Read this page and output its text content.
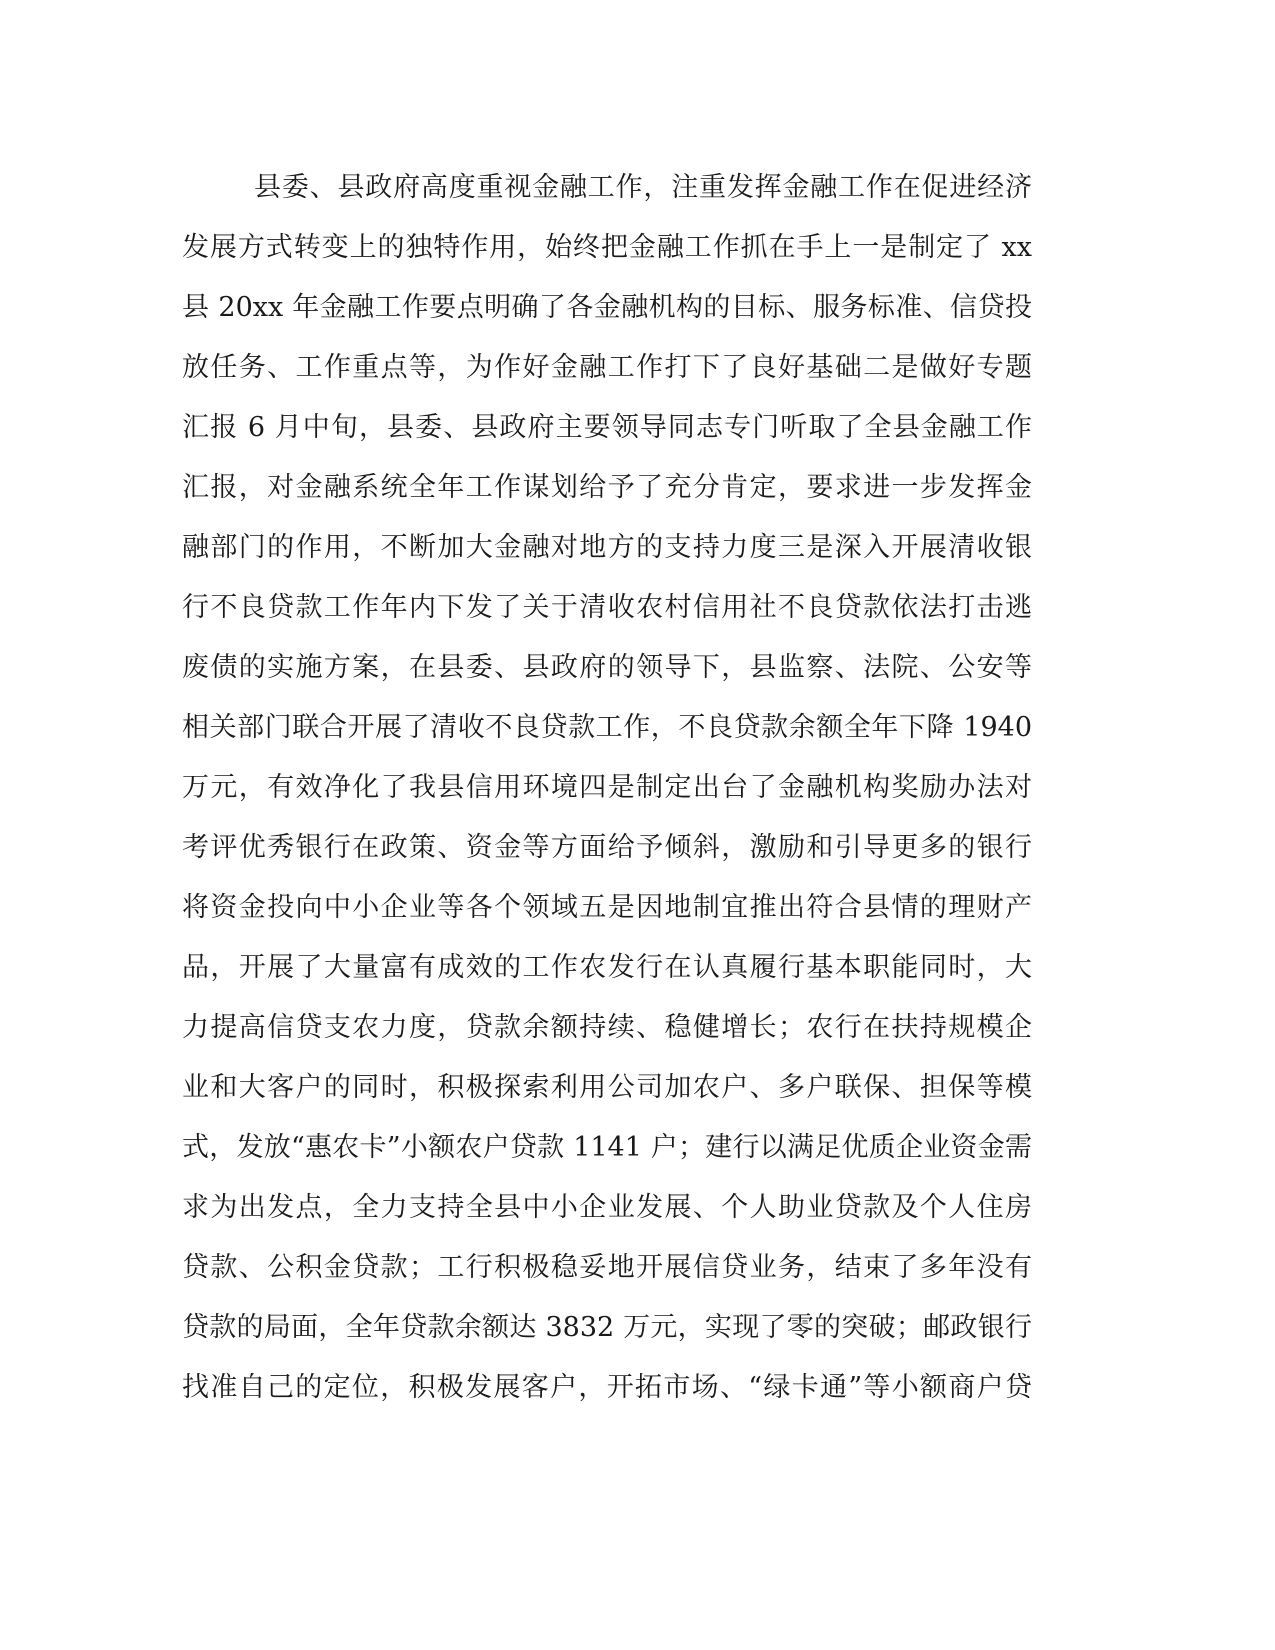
县委、县政府高度重视金融工作，注重发挥金融工作在促进经济
发展方式转变上的独特作用，始终把金融工作抓在手上一是制定了 xx
县 20xx 年金融工作要点明确了各金融机构的目标、服务标准、信贷投
放任务、工作重点等，为作好金融工作打下了良好基础二是做好专题
汇报 6 月中旬，县委、县政府主要领导同志专门听取了全县金融工作
汇报，对金融系统全年工作谋划给予了充分肯定，要求进一步发挥金
融部门的作用，不断加大金融对地方的支持力度三是深入开展清收银
行不良贷款工作年内下发了关于清收农村信用社不良贷款依法打击逃
废债的实施方案，在县委、县政府的领导下，县监察、法院、公安等
相关部门联合开展了清收不良贷款工作，不良贷款余额全年下降 1940
万元，有效净化了我县信用环境四是制定出台了金融机构奖励办法对
考评优秀银行在政策、资金等方面给予倾斜，激励和引导更多的银行
将资金投向中小企业等各个领域五是因地制宜推出符合县情的理财产
品，开展了大量富有成效的工作农发行在认真履行基本职能同时，大
力提高信贷支农力度，贷款余额持续、稳健增长；农行在扶持规模企
业和大客户的同时，积极探索利用公司加农户、多户联保、担保等模
式，发放“惠农卡”小额农户贷款 1141 户；建行以满足优质企业资金需
求为出发点，全力支持全县中小企业发展、个人助业贷款及个人住房
贷款、公积金贷款；工行积极稳妥地开展信贷业务，结束了多年没有
贷款的局面，全年贷款余额达 3832 万元，实现了零的突破；邮政银行
找准自己的定位，积极发展客户，开拓市场、“绿卡通”等小额商户贷
